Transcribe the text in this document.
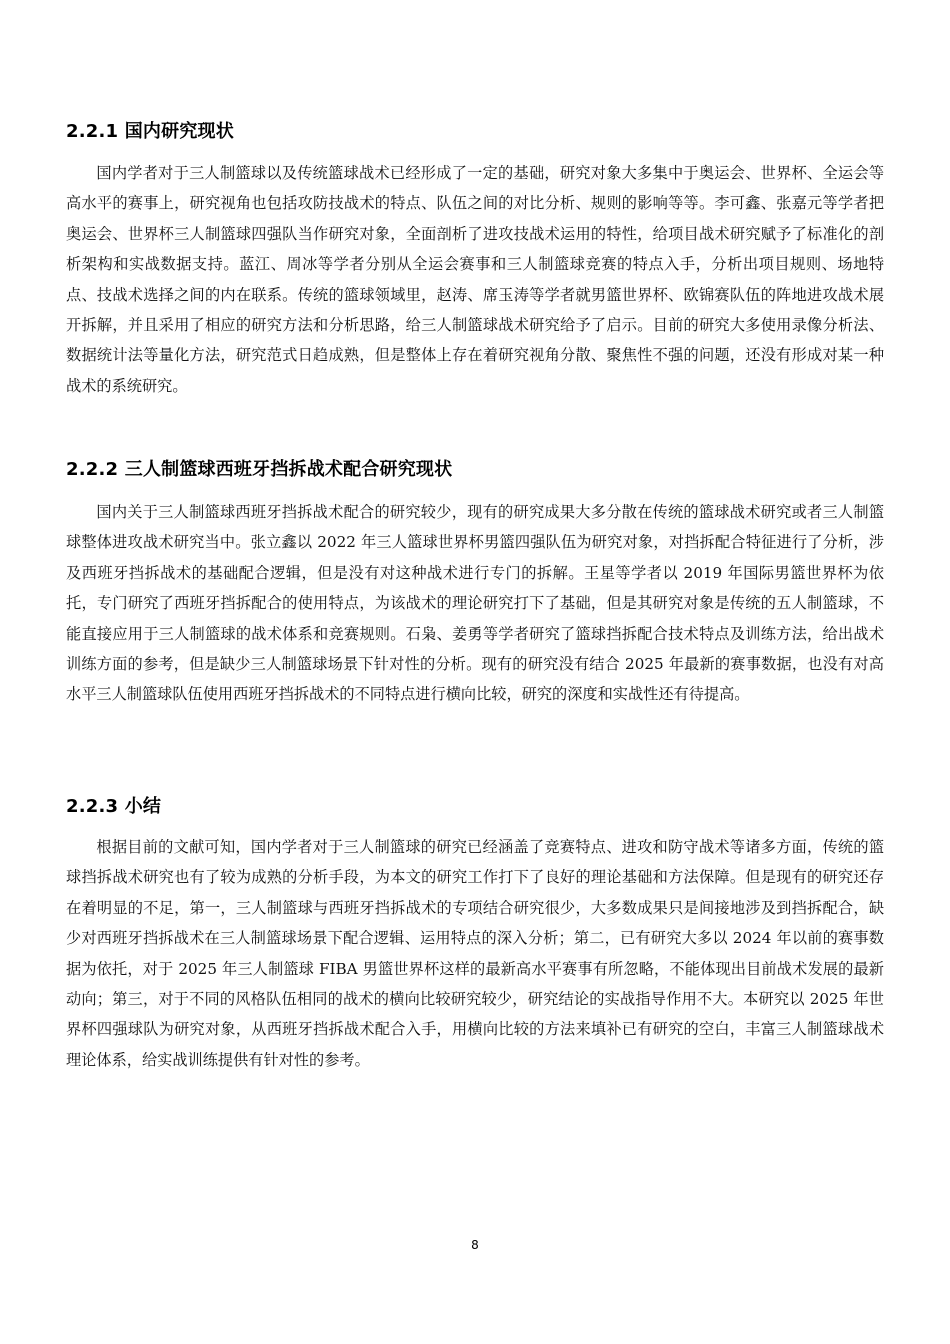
2.2.1 国内研究现状

国内学者对于三人制篮球以及传统篮球战术已经形成了一定的基础，研究对象大多集中于奥运会、世界杯、全运会等高水平的赛事上，研究视角也包括攻防技战术的特点、队伍之间的对比分析、规则的影响等等。李可鑫、张嘉元等学者把奥运会、世界杯三人制篮球四强队当作研究对象，全面剖析了进攻技战术运用的特性，给项目战术研究赋予了标准化的剖析架构和实战数据支持。蓝江、周冰等学者分别从全运会赛事和三人制篮球竞赛的特点入手，分析出项目规则、场地特点、技战术选择之间的内在联系。传统的篮球领域里，赵涛、席玉涛等学者就男篮世界杯、欧锦赛队伍的阵地进攻战术展开拆解，并且采用了相应的研究方法和分析思路，给三人制篮球战术研究给予了启示。目前的研究大多使用录像分析法、数据统计法等量化方法，研究范式日趋成熟，但是整体上存在着研究视角分散、聚焦性不强的问题，还没有形成对某一种战术的系统研究。

2.2.2 三人制篮球西班牙挡拆战术配合研究现状

国内关于三人制篮球西班牙挡拆战术配合的研究较少，现有的研究成果大多分散在传统的篮球战术研究或者三人制篮球整体进攻战术研究当中。张立鑫以 2022 年三人篮球世界杯男篮四强队伍为研究对象，对挡拆配合特征进行了分析，涉及西班牙挡拆战术的基础配合逻辑，但是没有对这种战术进行专门的拆解。王星等学者以 2019 年国际男篮世界杯为依托，专门研究了西班牙挡拆配合的使用特点，为该战术的理论研究打下了基础，但是其研究对象是传统的五人制篮球，不能直接应用于三人制篮球的战术体系和竞赛规则。石枭、姜勇等学者研究了篮球挡拆配合技术特点及训练方法，给出战术训练方面的参考，但是缺少三人制篮球场景下针对性的分析。现有的研究没有结合 2025 年最新的赛事数据，也没有对高水平三人制篮球队伍使用西班牙挡拆战术的不同特点进行横向比较，研究的深度和实战性还有待提高。

2.2.3 小结

根据目前的文献可知，国内学者对于三人制篮球的研究已经涵盖了竞赛特点、进攻和防守战术等诸多方面，传统的篮球挡拆战术研究也有了较为成熟的分析手段，为本文的研究工作打下了良好的理论基础和方法保障。但是现有的研究还存在着明显的不足，第一，三人制篮球与西班牙挡拆战术的专项结合研究很少，大多数成果只是间接地涉及到挡拆配合，缺少对西班牙挡拆战术在三人制篮球场景下配合逻辑、运用特点的深入分析；第二，已有研究大多以 2024 年以前的赛事数据为依托，对于 2025 年三人制篮球 FIBA 男篮世界杯这样的最新高水平赛事有所忽略，不能体现出目前战术发展的最新动向；第三，对于不同的风格队伍相同的战术的横向比较研究较少，研究结论的实战指导作用不大。本研究以 2025 年世界杯四强球队为研究对象，从西班牙挡拆战术配合入手，用横向比较的方法来填补已有研究的空白，丰富三人制篮球战术理论体系，给实战训练提供有针对性的参考。

8
